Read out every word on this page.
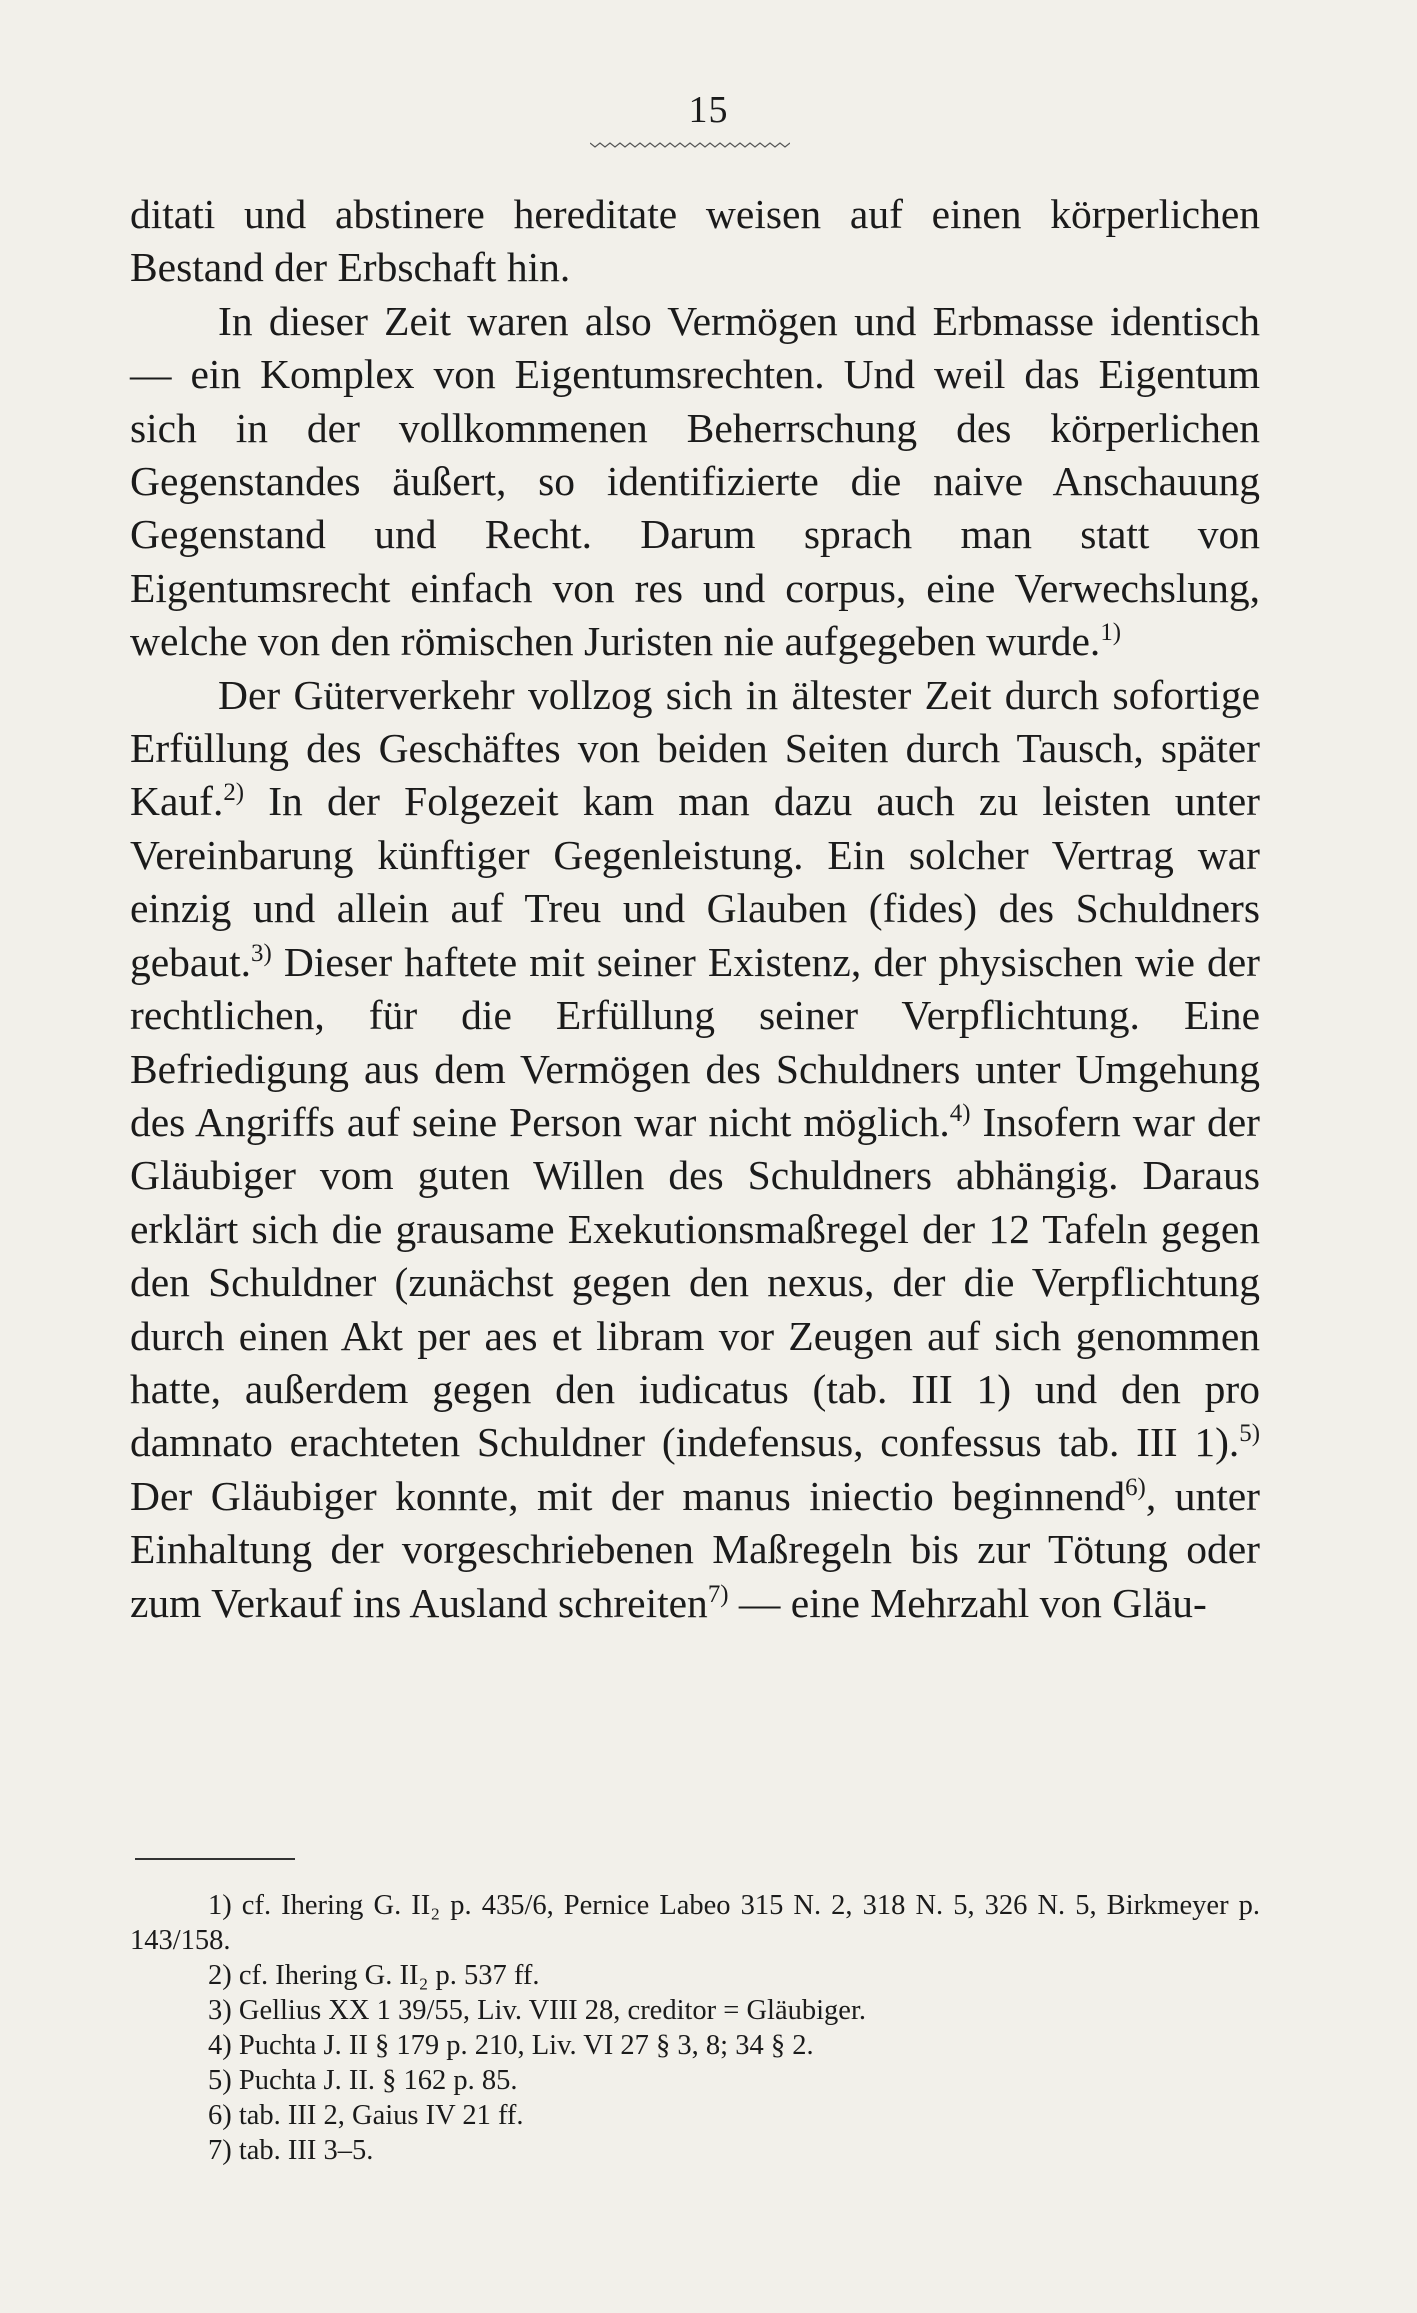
15

ditati und abstinere hereditate weisen auf einen körperlichen Bestand der Erbschaft hin.

In dieser Zeit waren also Vermögen und Erbmasse identisch — ein Komplex von Eigentumsrechten. Und weil das Eigentum sich in der vollkommenen Beherrschung des körperlichen Gegenstandes äußert, so identifizierte die naive Anschauung Gegenstand und Recht. Darum sprach man statt von Eigentumsrecht einfach von res und corpus, eine Verwechslung, welche von den römischen Juristen nie aufgegeben wurde.$^{1)}$

Der Güterverkehr vollzog sich in ältester Zeit durch sofortige Erfüllung des Geschäftes von beiden Seiten durch Tausch, später Kauf.$^{2)}$ In der Folgezeit kam man dazu auch zu leisten unter Vereinbarung künftiger Gegenleistung. Ein solcher Vertrag war einzig und allein auf Treu und Glauben (fides) des Schuldners gebaut.$^{3)}$ Dieser haftete mit seiner Existenz, der physischen wie der rechtlichen, für die Erfüllung seiner Verpflichtung. Eine Befriedigung aus dem Vermögen des Schuldners unter Umgehung des Angriffs auf seine Person war nicht möglich.$^{4)}$ Insofern war der Gläubiger vom guten Willen des Schuldners abhängig. Daraus erklärt sich die grausame Exekutionsmaßregel der 12 Tafeln gegen den Schuldner (zunächst gegen den nexus, der die Verpflichtung durch einen Akt per aes et libram vor Zeugen auf sich genommen hatte, außerdem gegen den iudicatus (tab. III 1) und den pro damnato erachteten Schuldner (indefensus, confessus tab. III 1).$^{5)}$ Der Gläubiger konnte, mit der manus iniectio beginnend$^{6)}$, unter Einhaltung der vorgeschriebenen Maßregeln bis zur Tötung oder zum Verkauf ins Ausland schreiten$^{7)}$ — eine Mehrzahl von Gläu-

1) cf. Ihering G. II₂ p. 435/6, Pernice Labeo 315 N. 2, 318 N. 5, 326 N. 5, Birkmeyer p. 143/158.

2) cf. Ihering G. II₂ p. 537 ff.

3) Gellius XX 1 39/55, Liv. VIII 28, creditor = Gläubiger.

4) Puchta J. II § 179 p. 210, Liv. VI 27 § 3, 8; 34 § 2.

5) Puchta J. II. § 162 p. 85.

6) tab. III 2, Gaius IV 21 ff.

7) tab. III 3–5.
